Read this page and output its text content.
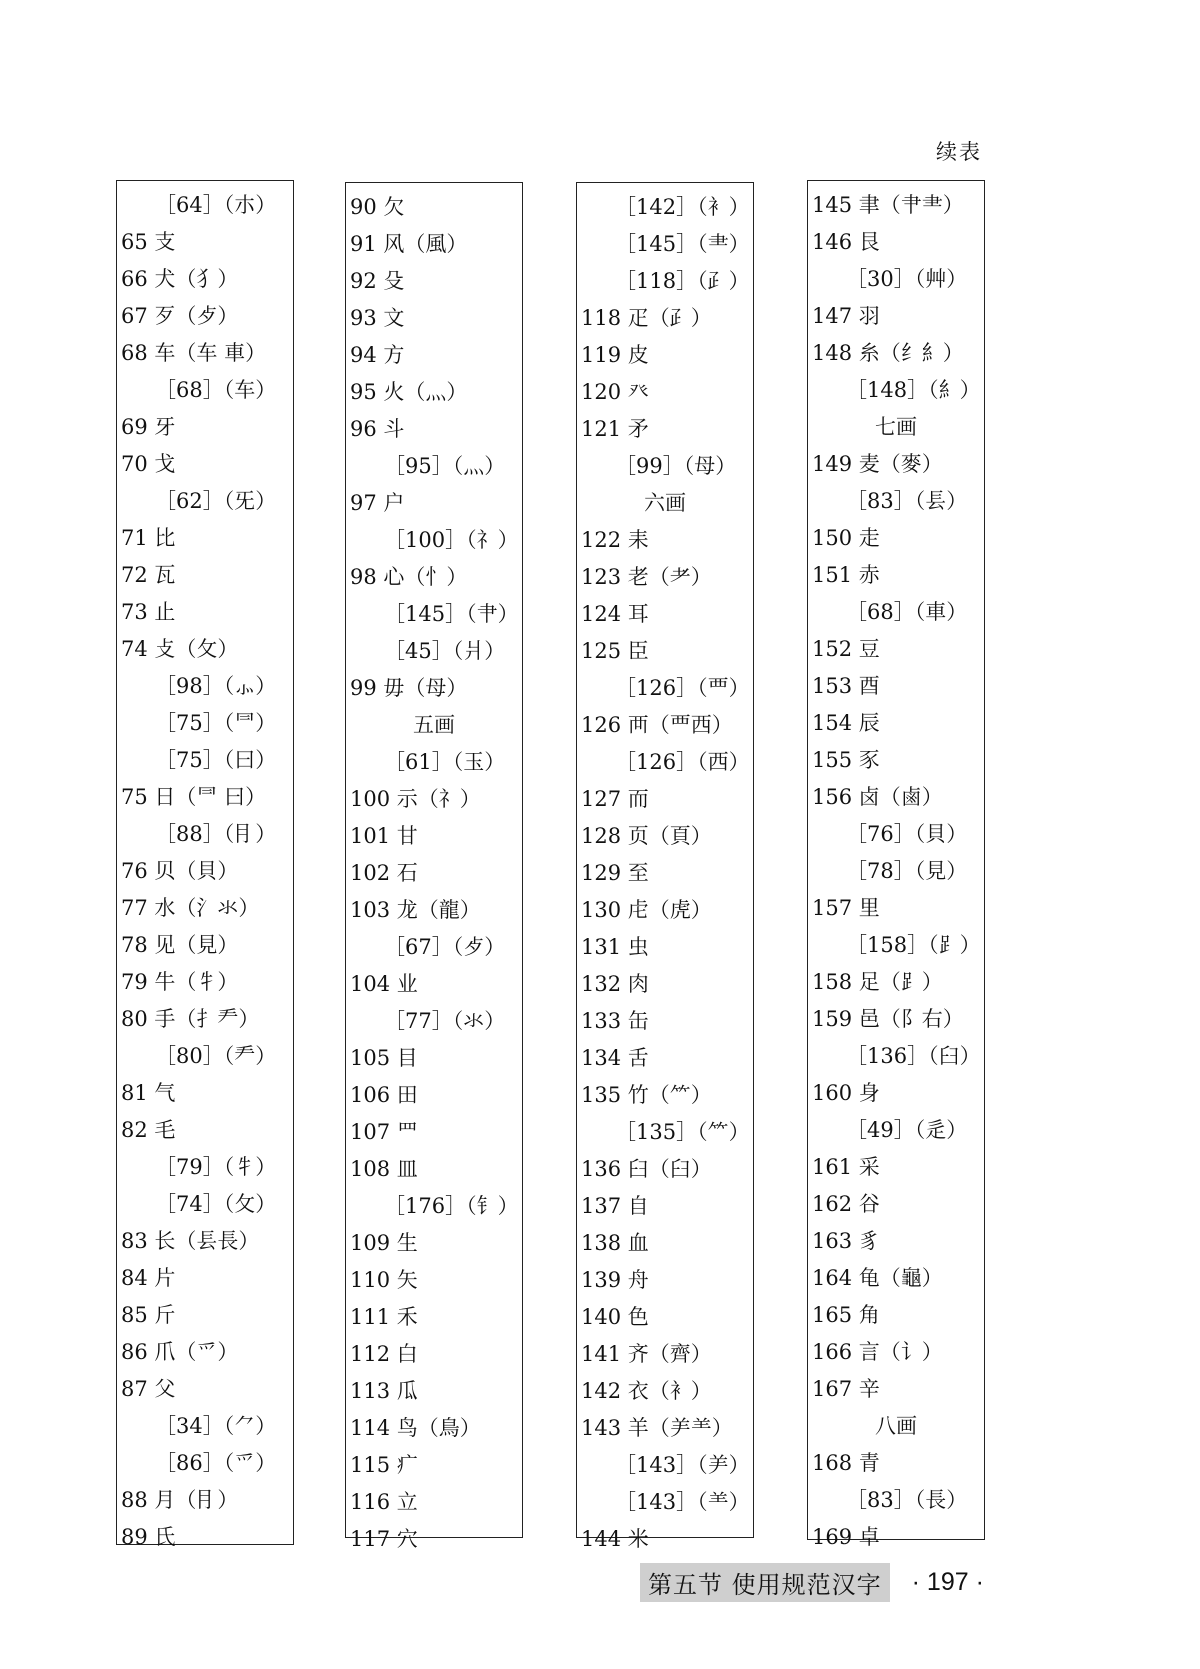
续表
［64］（朩）
65 支
66 犬（犭）
67 歹（歺）
68 车（车 車）
［68］（车）
69 牙
70 戈
［62］（旡）
71 比
72 瓦
73 止
74 攴（攵）
［98］（⺗）
［75］（⺜）
［75］（曰）
75 日（⺜ 曰）
［88］（⺝）
76 贝（貝）
77 水（氵氺）
78 见（見）
79 牛（牜）
80 手（扌龵）
［80］（龵）
81 气
82 毛
［79］（牜）
［74］（攵）
83 长（镸長）
84 片
85 斤
86 爪（爫）
87 父
［34］（⺈）
［86］（爫）
88 月（⺝）
89 氏
90 欠
91 风（風）
92 殳
93 文
94 方
95 火（灬）
96 斗
［95］（灬）
97 户
［100］（礻）
98 心（忄）
［145］（⺺）
［45］（爿）
99 毋（母）
五画
［61］（玉）
100 示（礻）
101 甘
102 石
103 龙（龍）
［67］（歺）
104 业
［77］（氺）
105 目
106 田
107 罒
108 皿
［176］（钅）
109 生
110 矢
111 禾
112 白
113 瓜
114 鸟（鳥）
115 疒
116 立
117 穴
［142］（衤）
［145］（⺻）
［118］（⺪）
118 疋（⺪）
119 皮
120 癶
121 矛
［99］（母）
六画
122 耒
123 老（耂）
124 耳
125 臣
［126］（覀）
126 襾（覀西）
［126］（西）
127 而
128 页（頁）
129 至
130 虍（虎）
131 虫
132 肉
133 缶
134 舌
135 竹（⺮）
［135］（⺮）
136 臼（臼）
137 自
138 血
139 舟
140 色
141 齐（齊）
142 衣（衤）
143 羊（⺶⺷）
［143］（⺶）
［143］（⺷）
144 米
145 聿（⺺⺻）
146 艮
［30］（艸）
147 羽
148 糸（纟糹）
［148］（糹）
七画
149 麦（麥）
［83］（镸）
150 走
151 赤
［68］（車）
152 豆
153 酉
154 辰
155 豕
156 卤（鹵）
［76］（貝）
［78］（見）
157 里
［158］（⻊）
158 足（⻊）
159 邑（阝右）
［136］（臼）
160 身
［49］（辵）
161 采
162 谷
163 豸
164 龟（龜）
165 角
166 言（讠）
167 辛
八画
168 青
［83］（長）
169 卓
第五节 使用规范汉字	· 197 ·
